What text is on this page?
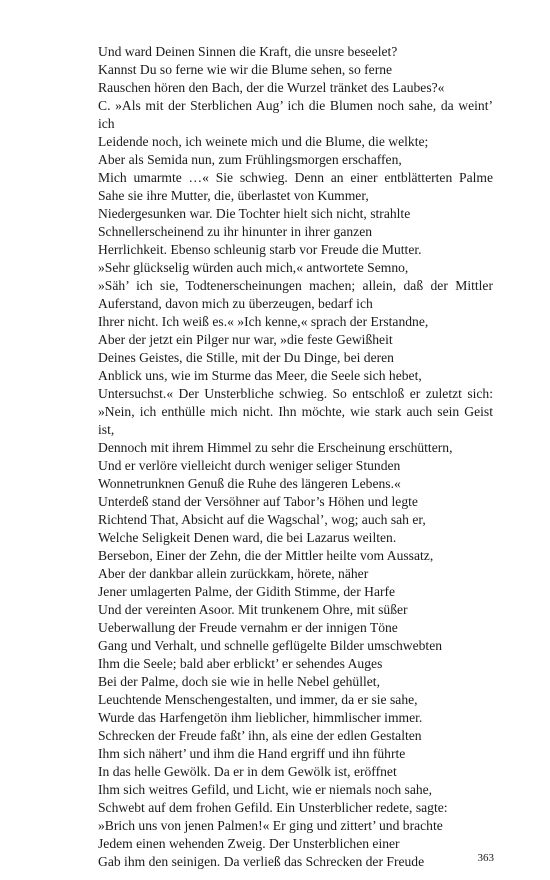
Und ward Deinen Sinnen die Kraft, die unsre beseelet?
Kannst Du so ferne wie wir die Blume sehen, so ferne
Rauschen hören den Bach, der die Wurzel tränket des Laubes?«
C. »Als mit der Sterblichen Aug’ ich die Blumen noch sahe, da weint’
ich
Leidende noch, ich weinete mich und die Blume, die welkte;
Aber als Semida nun, zum Frühlingsmorgen erschaffen,
Mich umarmte …« Sie schwieg. Denn an einer entblätterten Palme
Sahe sie ihre Mutter, die, überlastet von Kummer,
Niedergesunken war. Die Tochter hielt sich nicht, strahlte
Schnellerscheinend zu ihr hinunter in ihrer ganzen
Herrlichkeit. Ebenso schleunig starb vor Freude die Mutter.
»Sehr glückselig würden auch mich,« antwortete Semno,
»Säh’ ich sie, Todtenerscheinungen machen; allein, daß der Mittler
Auferstand, davon mich zu überzeugen, bedarf ich
Ihrer nicht. Ich weiß es.« »Ich kenne,« sprach der Erstandne,
Aber der jetzt ein Pilger nur war, »die feste Gewißheit
Deines Geistes, die Stille, mit der Du Dinge, bei deren
Anblick uns, wie im Sturme das Meer, die Seele sich hebet,
Untersuchst.« Der Unsterbliche schwieg. So entschloß er zuletzt sich:
»Nein, ich enthülle mich nicht. Ihn möchte, wie stark auch sein Geist
ist,
Dennoch mit ihrem Himmel zu sehr die Erscheinung erschüttern,
Und er verlöre vielleicht durch weniger seliger Stunden
Wonnetrunknen Genuß die Ruhe des längeren Lebens.«
Unterdeß stand der Versöhner auf Tabor’s Höhen und legte
Richtend That, Absicht auf die Wagschal’, wog; auch sah er,
Welche Seligkeit Denen ward, die bei Lazarus weilten.
Bersebon, Einer der Zehn, die der Mittler heilte vom Aussatz,
Aber der dankbar allein zurückkam, hörete, näher
Jener umlagerten Palme, der Gidith Stimme, der Harfe
Und der vereinten Asoor. Mit trunkenem Ohre, mit süßer
Ueberwallung der Freude vernahm er der innigen Töne
Gang und Verhalt, und schnelle geflügelte Bilder umschwebten
Ihm die Seele; bald aber erblickt’ er sehendes Auges
Bei der Palme, doch sie wie in helle Nebel gehüllet,
Leuchtende Menschengestalten, und immer, da er sie sahe,
Wurde das Harfengetön ihm lieblicher, himmlischer immer.
Schrecken der Freude faßt’ ihn, als eine der edlen Gestalten
Ihm sich nähert’ und ihm die Hand ergriff und ihn führte
In das helle Gewölk. Da er in dem Gewölk ist, eröffnet
Ihm sich weitres Gefild, und Licht, wie er niemals noch sahe,
Schwebt auf dem frohen Gefild. Ein Unsterblicher redete, sagte:
»Brich uns von jenen Palmen!« Er ging und zittert’ und brachte
Jedem einen wehenden Zweig. Der Unsterblichen einer
Gab ihm den seinigen. Da verließ das Schrecken der Freude	363
